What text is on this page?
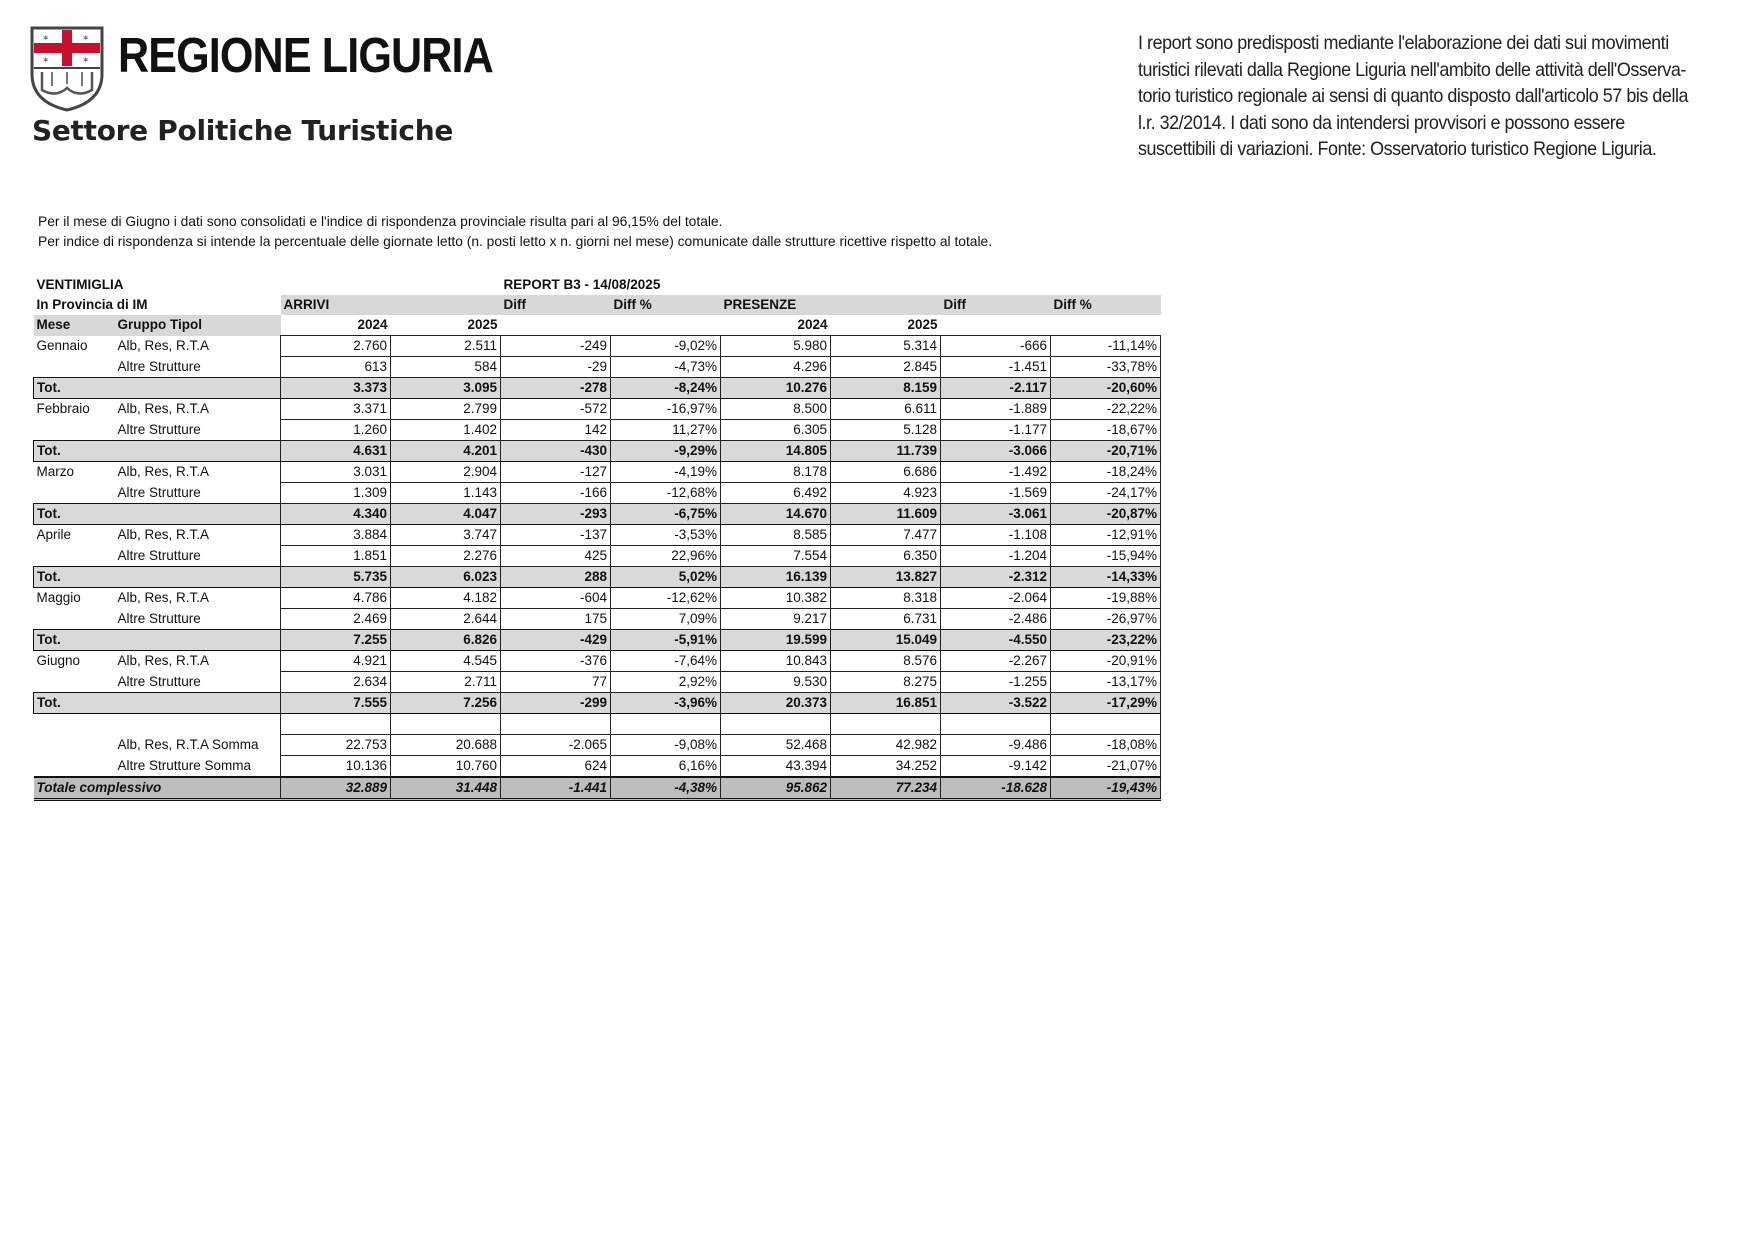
✶	✶
✶	✶ REGIONE LIGURIA
Settore Politiche Turistiche
I report sono predisposti mediante l'elaborazione dei dati sui movimenti turistici rilevati dalla Regione Liguria nell'ambito delle attività dell'Osserva-torio turistico regionale ai sensi di quanto disposto dall'articolo 57 bis della l.r. 32/2014. I dati sono da intendersi provvisori e possono essere suscettibili di variazioni. Fonte: Osservatorio turistico Regione Liguria.
Per il mese di Giugno i dati sono consolidati e l'indice di rispondenza provinciale risulta pari al 96,15% del totale.
Per indice di rispondenza si intende la percentuale delle giornate letto (n. posti letto x n. giorni nel mese) comunicate dalle strutture ricettive rispetto al totale.
VENTIMIGLIA				REPORT B3 - 14/08/2025					
In Provincia di IM		ARRIVI		Diff	Diff %	PRESENZE		Diff	Diff %
Mese	Gruppo Tipol	2024	2025			2024	2025		
Gennaio	Alb, Res, R.T.A	2.760	2.511	-249	-9,02%	5.980	5.314	-666	-11,14%
	Altre Strutture	613	584	-29	-4,73%	4.296	2.845	-1.451	-33,78%
Tot.		3.373	3.095	-278	-8,24%	10.276	8.159	-2.117	-20,60%
Febbraio	Alb, Res, R.T.A	3.371	2.799	-572	-16,97%	8.500	6.611	-1.889	-22,22%
	Altre Strutture	1.260	1.402	142	11,27%	6.305	5.128	-1.177	-18,67%
Tot.		4.631	4.201	-430	-9,29%	14.805	11.739	-3.066	-20,71%
Marzo	Alb, Res, R.T.A	3.031	2.904	-127	-4,19%	8.178	6.686	-1.492	-18,24%
	Altre Strutture	1.309	1.143	-166	-12,68%	6.492	4.923	-1.569	-24,17%
Tot.		4.340	4.047	-293	-6,75%	14.670	11.609	-3.061	-20,87%
Aprile	Alb, Res, R.T.A	3.884	3.747	-137	-3,53%	8.585	7.477	-1.108	-12,91%
	Altre Strutture	1.851	2.276	425	22,96%	7.554	6.350	-1.204	-15,94%
Tot.		5.735	6.023	288	5,02%	16.139	13.827	-2.312	-14,33%
Maggio	Alb, Res, R.T.A	4.786	4.182	-604	-12,62%	10.382	8.318	-2.064	-19,88%
	Altre Strutture	2.469	2.644	175	7,09%	9.217	6.731	-2.486	-26,97%
Tot.		7.255	6.826	-429	-5,91%	19.599	15.049	-4.550	-23,22%
Giugno	Alb, Res, R.T.A	4.921	4.545	-376	-7,64%	10.843	8.576	-2.267	-20,91%
	Altre Strutture	2.634	2.711	77	2,92%	9.530	8.275	-1.255	-13,17%
Tot.		7.555	7.256	-299	-3,96%	20.373	16.851	-3.522	-17,29%

	Alb, Res, R.T.A Somma	22.753	20.688	-2.065	-9,08%	52.468	42.982	-9.486	-18,08%
	Altre Strutture Somma	10.136	10.760	624	6,16%	43.394	34.252	-9.142	-21,07%
Totale complessivo		32.889	31.448	-1.441	-4,38%	95.862	77.234	-18.628	-19,43%
